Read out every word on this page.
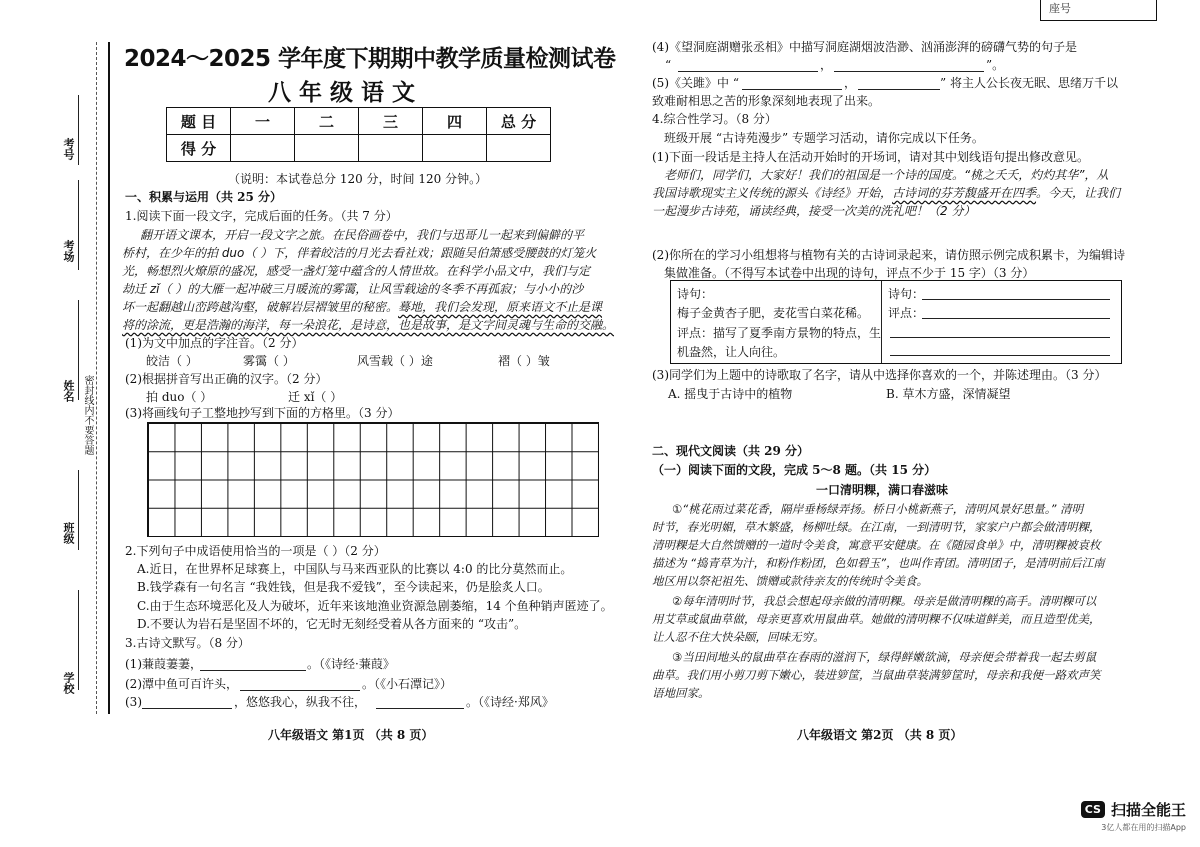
座号
考号
考场
姓名 密封线内不要答题
班级
学校
2024～2025 学年度下期期中教学质量检测试卷
八 年 级 语 文
题 目	一	二	三	四	总 分
得 分					
（说明：本试卷总分 120 分，时间 120 分钟。）
一、积累与运用（共 25 分）
1.阅读下面一段文字，完成后面的任务。（共 7 分）
翻开语文课本，开启一段文字之旅。在民俗画卷中，我们与迅哥儿一起来到偏僻的平
桥村，在少年的拍 duo（ ）下，伴着皎洁的月光去看社戏；跟随吴伯箫感受腰鼓的灯笼火
光，畅想烈火燎原的盛况，感受一盏灯笼中蕴含的人情世故。在科学小品文中，我们与定
劫迁 zǐ（ ）的大雁一起冲破三月暖流的雾霭，让风雪载途的冬季不再孤寂；与小小的沙
坏一起翻越山峦跨越沟壑，破解岩层褶皱里的秘密。蓦地，我们会发现，原来语文不止是课
将的涂流，更是浩瀚的海洋，每一朵浪花，是诗意，也是故事，是文字间灵魂与生命的交融。
(1)为文中加点的字注音。（2 分）
皎洁（ ）	雾霭（ ）	风雪载（ ）途	褶（ ）皱
(2)根据拼音写出正确的汉字。（2 分）
拍 duo（ ）	迁 xǐ（ ）
(3)将画线句子工整地抄写到下面的方格里。（3 分）
2.下列句子中成语使用恰当的一项是（ ）（2 分）
A.近日，在世界杯足球赛上，中国队与马来西亚队的比赛以 4:0 的比分莫然而止。
B.钱学森有一句名言 “我姓钱，但是我不爱钱”，至今读起来，仍是脍炙人口。
C.由于生态环境恶化及人为破坏，近年来该地渔业资源急剧萎缩，14 个鱼种销声匿迹了。
D.不要认为岩石是坚固不坏的，它无时无刻经受着从各方面来的 “攻击”。
3.古诗文默写。（8 分）
(1)蒹葭萋萋，	。（《诗经·蒹葭》
(2)潭中鱼可百许头，	。（《小石潭记》）
(3)	，悠悠我心，纵我不往，	。（《诗经·郑风》
八年级语文 第1页 （共 8 页）
(4)《望洞庭湖赠张丞相》中描写洞庭湖烟波浩渺、汹涌澎湃的磅礴气势的句子是
“	，	”。
(5)《关雎》中 “	，	” 将主人公长夜无眠、思绪万千以
致难耐相思之苦的形象深刻地表现了出来。
4.综合性学习。（8 分）
班级开展 “古诗苑漫步” 专题学习活动，请你完成以下任务。
(1)下面一段话是主持人在活动开始时的开场词，请对其中划线语句提出修改意见。
老师们，同学们，大家好！我们的祖国是一个诗的国度。“桃之夭夭，灼灼其华”，从
我国诗歌现实主义传统的源头《诗经》开始，古诗词的芬芳馥盛开在四季。今天，让我们
一起漫步古诗苑，诵读经典，接受一次美的洗礼吧！（2 分）
(2)你所在的学习小组想将与植物有关的古诗词录起来，请仿照示例完成积累卡，为编辑诗
集做准备。（不得写本试卷中出现的诗句，评点不少于 15 字）（3 分）
诗句：
梅子金黄杏子肥，麦花雪白菜花稀。
评点：描写了夏季南方景物的特点，生
机盎然，让人向往。
诗句：
评点：
(3)同学们为上题中的诗歌取了名字，请从中选择你喜欢的一个，并陈述理由。（3 分）
A. 摇曳于古诗中的植物	B. 草木方盛，深情凝望
二、现代文阅读（共 29 分）
（一）阅读下面的文段，完成 5～8 题。（共 15 分）
一口清明粿，满口春滋味
①“桃花雨过菜花香，隔岸垂杨绿弄扬。桥日小桃新燕子，清明风景好思量。” 清明
时节，春光明媚，草木繁盛，杨柳吐绿。在江南，一到清明节，家家户户都会做清明粿，
清明粿是大自然馈赠的一道时令美食，寓意平安健康。在《随园食单》中，清明粿被袁枚
描述为 “捣青草为汁，和粉作粉团，色如碧玉”，也叫作青团。清明团子，是清明前后江南
地区用以祭祀祖先、馈赠或款待亲友的传统时令美食。
②每年清明时节，我总会想起母亲做的清明粿。母亲是做清明粿的高手。清明粿可以
用艾草或鼠曲草做，母亲更喜欢用鼠曲草。她做的清明粿不仅味道鲜美，而且造型优美，
让人忍不住大快朵颐，回味无穷。
③当田间地头的鼠曲草在春雨的滋润下，绿得鲜嫩欲滴，母亲便会带着我一起去剪鼠
曲草。我们用小剪刀剪下嫩心，装进箩筐，当鼠曲草装满箩筐时，母亲和我便一路欢声笑
语地回家。
八年级语文 第2页 （共 8 页）
CS 扫描全能王
3亿人都在用的扫描App
